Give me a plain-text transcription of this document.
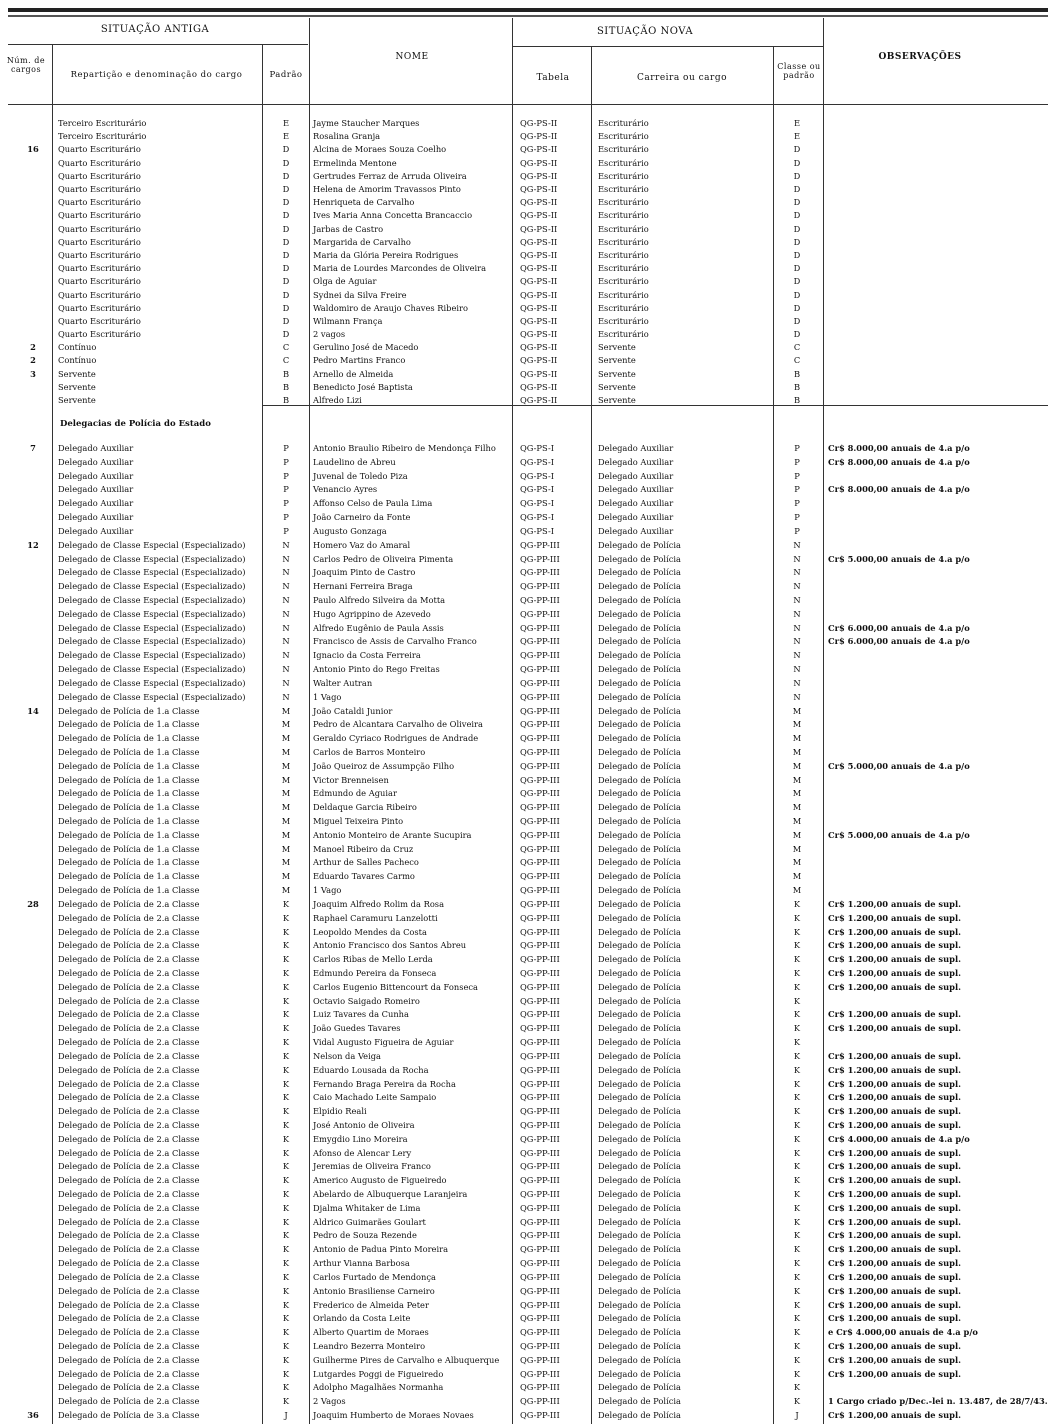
SITUAÇÃO ANTIGA	SITUAÇÃO NOVA
Núm. de cargos
Repartição e denominação do cargo	Padrão
NOME
Tabela	Carreira ou cargo
Classe ou padrão
OBSERVAÇÕES
Delegacias de Polícia do Estado
Terceiro Escriturário	E	Jayme Staucher Marques	QG-PS-II	Escriturário	E
Terceiro Escriturário	E	Rosalina Granja	QG-PS-II	Escriturário	E
16	Quarto Escriturário	D	Alcina de Moraes Souza Coelho	QG-PS-II	Escriturário	D
Quarto Escriturário	D	Ermelinda Mentone	QG-PS-II	Escriturário	D
Quarto Escriturário	D	Gertrudes Ferraz de Arruda Oliveira	QG-PS-II	Escriturário	D
Quarto Escriturário	D	Helena de Amorim Travassos Pinto	QG-PS-II	Escriturário	D
Quarto Escriturário	D	Henriqueta de Carvalho	QG-PS-II	Escriturário	D
Quarto Escriturário	D	Ives Maria Anna Concetta Brancaccio	QG-PS-II	Escriturário	D
Quarto Escriturário	D	Jarbas de Castro	QG-PS-II	Escriturário	D
Quarto Escriturário	D	Margarida de Carvalho	QG-PS-II	Escriturário	D
Quarto Escriturário	D	Maria da Glória Pereira Rodrigues	QG-PS-II	Escriturário	D
Quarto Escriturário	D	Maria de Lourdes Marcondes de Oliveira	QG-PS-II	Escriturário	D
Quarto Escriturário	D	Olga de Aguiar	QG-PS-II	Escriturário	D
Quarto Escriturário	D	Sydnei da Silva Freire	QG-PS-II	Escriturário	D
Quarto Escriturário	D	Waldomiro de Araujo Chaves Ribeiro	QG-PS-II	Escriturário	D
Quarto Escriturário	D	Wilmann França	QG-PS-II	Escriturário	D
Quarto Escriturário	D	2 vagos	QG-PS-II	Escriturário	D
2	Contínuo	C	Gerulino José de Macedo	QG-PS-II	Servente	C
2	Contínuo	C	Pedro Martins Franco	QG-PS-II	Servente	C
3	Servente	B	Arnello de Almeida	QG-PS-II	Servente	B
Servente	B	Benedicto José Baptista	QG-PS-II	Servente	B
Servente	B	Alfredo Lizi	QG-PS-II	Servente	B
7	Delegado Auxiliar	P	Antonio Braulio Ribeiro de Mendonça Filho	QG-PS-I	Delegado Auxiliar	P	Cr$ 8.000,00 anuais de 4.a p/o
Delegado Auxiliar	P	Laudelino de Abreu	QG-PS-I	Delegado Auxiliar	P	Cr$ 8.000,00 anuais de 4.a p/o
Delegado Auxiliar	P	Juvenal de Toledo Piza	QG-PS-I	Delegado Auxiliar	P
Delegado Auxiliar	P	Venancio Ayres	QG-PS-I	Delegado Auxiliar	P	Cr$ 8.000,00 anuais de 4.a p/o
Delegado Auxiliar	P	Affonso Celso de Paula Lima	QG-PS-I	Delegado Auxiliar	P
Delegado Auxiliar	P	João Carneiro da Fonte	QG-PS-I	Delegado Auxiliar	P
Delegado Auxiliar	P	Augusto Gonzaga	QG-PS-I	Delegado Auxiliar	P
12	Delegado de Classe Especial (Especializado)	N	Homero Vaz do Amaral	QG-PP-III	Delegado de Polícia	N
Delegado de Classe Especial (Especializado)	N	Carlos Pedro de Oliveira Pimenta	QG-PP-III	Delegado de Polícia	N	Cr$ 5.000,00 anuais de 4.a p/o
Delegado de Classe Especial (Especializado)	N	Joaquim Pinto de Castro	QG-PP-III	Delegado de Polícia	N
Delegado de Classe Especial (Especializado)	N	Hernani Ferreira Braga	QG-PP-III	Delegado de Polícia	N
Delegado de Classe Especial (Especializado)	N	Paulo Alfredo Silveira da Motta	QG-PP-III	Delegado de Polícia	N
Delegado de Classe Especial (Especializado)	N	Hugo Agrippino de Azevedo	QG-PP-III	Delegado de Polícia	N
Delegado de Classe Especial (Especializado)	N	Alfredo Eugênio de Paula Assis	QG-PP-III	Delegado de Polícia	N	Cr$ 6.000,00 anuais de 4.a p/o
Delegado de Classe Especial (Especializado)	N	Francisco de Assis de Carvalho Franco	QG-PP-III	Delegado de Polícia	N	Cr$ 6.000,00 anuais de 4.a p/o
Delegado de Classe Especial (Especializado)	N	Ignacio da Costa Ferreira	QG-PP-III	Delegado de Polícia	N
Delegado de Classe Especial (Especializado)	N	Antonio Pinto do Rego Freitas	QG-PP-III	Delegado de Polícia	N
Delegado de Classe Especial (Especializado)	N	Walter Autran	QG-PP-III	Delegado de Polícia	N
Delegado de Classe Especial (Especializado)	N	1 Vago	QG-PP-III	Delegado de Polícia	N
14	Delegado de Polícia de 1.a Classe	M	João Cataldi Junior	QG-PP-III	Delegado de Polícia	M
Delegado de Polícia de 1.a Classe	M	Pedro de Alcantara Carvalho de Oliveira	QG-PP-III	Delegado de Polícia	M
Delegado de Polícia de 1.a Classe	M	Geraldo Cyriaco Rodrigues de Andrade	QG-PP-III	Delegado de Polícia	M
Delegado de Polícia de 1.a Classe	M	Carlos de Barros Monteiro	QG-PP-III	Delegado de Polícia	M
Delegado de Polícia de 1.a Classe	M	João Queiroz de Assumpção Filho	QG-PP-III	Delegado de Polícia	M	Cr$ 5.000,00 anuais de 4.a p/o
Delegado de Polícia de 1.a Classe	M	Victor Brenneisen	QG-PP-III	Delegado de Polícia	M
Delegado de Polícia de 1.a Classe	M	Edmundo de Aguiar	QG-PP-III	Delegado de Polícia	M
Delegado de Polícia de 1.a Classe	M	Deldaque Garcia Ribeiro	QG-PP-III	Delegado de Polícia	M
Delegado de Polícia de 1.a Classe	M	Miguel Teixeira Pinto	QG-PP-III	Delegado de Polícia	M
Delegado de Polícia de 1.a Classe	M	Antonio Monteiro de Arante Sucupira	QG-PP-III	Delegado de Polícia	M	Cr$ 5.000,00 anuais de 4.a p/o
Delegado de Polícia de 1.a Classe	M	Manoel Ribeiro da Cruz	QG-PP-III	Delegado de Polícia	M
Delegado de Polícia de 1.a Classe	M	Arthur de Salles Pacheco	QG-PP-III	Delegado de Polícia	M
Delegado de Polícia de 1.a Classe	M	Eduardo Tavares Carmo	QG-PP-III	Delegado de Polícia	M
Delegado de Polícia de 1.a Classe	M	1 Vago	QG-PP-III	Delegado de Polícia	M
28	Delegado de Polícia de 2.a Classe	K	Joaquim Alfredo Rolim da Rosa	QG-PP-III	Delegado de Polícia	K	Cr$ 1.200,00 anuais de supl.
Delegado de Polícia de 2.a Classe	K	Raphael Caramuru Lanzelotti	QG-PP-III	Delegado de Polícia	K	Cr$ 1.200,00 anuais de supl.
Delegado de Polícia de 2.a Classe	K	Leopoldo Mendes da Costa	QG-PP-III	Delegado de Polícia	K	Cr$ 1.200,00 anuais de supl.
Delegado de Polícia de 2.a Classe	K	Antonio Francisco dos Santos Abreu	QG-PP-III	Delegado de Polícia	K	Cr$ 1.200,00 anuais de supl.
Delegado de Polícia de 2.a Classe	K	Carlos Ribas de Mello Lerda	QG-PP-III	Delegado de Polícia	K	Cr$ 1.200,00 anuais de supl.
Delegado de Polícia de 2.a Classe	K	Edmundo Pereira da Fonseca	QG-PP-III	Delegado de Polícia	K	Cr$ 1.200,00 anuais de supl.
Delegado de Polícia de 2.a Classe	K	Carlos Eugenio Bittencourt da Fonseca	QG-PP-III	Delegado de Polícia	K	Cr$ 1.200,00 anuais de supl.
Delegado de Polícia de 2.a Classe	K	Octavio Saigado Romeiro	QG-PP-III	Delegado de Polícia	K
Delegado de Polícia de 2.a Classe	K	Luiz Tavares da Cunha	QG-PP-III	Delegado de Polícia	K	Cr$ 1.200,00 anuais de supl.
Delegado de Polícia de 2.a Classe	K	João Guedes Tavares	QG-PP-III	Delegado de Polícia	K	Cr$ 1.200,00 anuais de supl.
Delegado de Polícia de 2.a Classe	K	Vidal Augusto Figueira de Aguiar	QG-PP-III	Delegado de Polícia	K
Delegado de Polícia de 2.a Classe	K	Nelson da Veiga	QG-PP-III	Delegado de Polícia	K	Cr$ 1.200,00 anuais de supl.
Delegado de Polícia de 2.a Classe	K	Eduardo Lousada da Rocha	QG-PP-III	Delegado de Polícia	K	Cr$ 1.200,00 anuais de supl.
Delegado de Polícia de 2.a Classe	K	Fernando Braga Pereira da Rocha	QG-PP-III	Delegado de Polícia	K	Cr$ 1.200,00 anuais de supl.
Delegado de Polícia de 2.a Classe	K	Caio Machado Leite Sampaio	QG-PP-III	Delegado de Polícia	K	Cr$ 1.200,00 anuais de supl.
Delegado de Polícia de 2.a Classe	K	Elpidio Reali	QG-PP-III	Delegado de Polícia	K	Cr$ 1.200,00 anuais de supl.
Delegado de Polícia de 2.a Classe	K	José Antonio de Oliveira	QG-PP-III	Delegado de Polícia	K	Cr$ 1.200,00 anuais de supl.
Delegado de Polícia de 2.a Classe	K	Emygdio Lino Moreira	QG-PP-III	Delegado de Polícia	K	Cr$ 4.000,00 anuais de 4.a p/o
Delegado de Polícia de 2.a Classe	K	Afonso de Alencar Lery	QG-PP-III	Delegado de Polícia	K	Cr$ 1.200,00 anuais de supl.
Delegado de Polícia de 2.a Classe	K	Jeremias de Oliveira Franco	QG-PP-III	Delegado de Polícia	K	Cr$ 1.200,00 anuais de supl.
Delegado de Polícia de 2.a Classe	K	Americo Augusto de Figueiredo	QG-PP-III	Delegado de Polícia	K	Cr$ 1.200,00 anuais de supl.
Delegado de Polícia de 2.a Classe	K	Abelardo de Albuquerque Laranjeira	QG-PP-III	Delegado de Polícia	K	Cr$ 1.200,00 anuais de supl.
Delegado de Polícia de 2.a Classe	K	Djalma Whitaker de Lima	QG-PP-III	Delegado de Polícia	K	Cr$ 1.200,00 anuais de supl.
Delegado de Polícia de 2.a Classe	K	Aldrico Guimarães Goulart	QG-PP-III	Delegado de Polícia	K	Cr$ 1.200,00 anuais de supl.
Delegado de Polícia de 2.a Classe	K	Pedro de Souza Rezende	QG-PP-III	Delegado de Polícia	K	Cr$ 1.200,00 anuais de supl.
Delegado de Polícia de 2.a Classe	K	Antonio de Padua Pinto Moreira	QG-PP-III	Delegado de Polícia	K	Cr$ 1.200,00 anuais de supl.
Delegado de Polícia de 2.a Classe	K	Arthur Vianna Barbosa	QG-PP-III	Delegado de Polícia	K	Cr$ 1.200,00 anuais de supl.
Delegado de Polícia de 2.a Classe	K	Carlos Furtado de Mendonça	QG-PP-III	Delegado de Polícia	K	Cr$ 1.200,00 anuais de supl.
Delegado de Polícia de 2.a Classe	K	Antonio Brasiliense Carneiro	QG-PP-III	Delegado de Polícia	K	Cr$ 1.200,00 anuais de supl.
Delegado de Polícia de 2.a Classe	K	Frederico de Almeida Peter	QG-PP-III	Delegado de Polícia	K	Cr$ 1.200,00 anuais de supl.
Delegado de Polícia de 2.a Classe	K	Orlando da Costa Leite	QG-PP-III	Delegado de Polícia	K	Cr$ 1.200,00 anuais de supl.
Delegado de Polícia de 2.a Classe	K	Alberto Quartim de Moraes	QG-PP-III	Delegado de Polícia	K	e Cr$ 4.000,00 anuais de 4.a p/o
Delegado de Polícia de 2.a Classe	K	Leandro Bezerra Monteiro	QG-PP-III	Delegado de Polícia	K	Cr$ 1.200,00 anuais de supl.
Delegado de Polícia de 2.a Classe	K	Guilherme Pires de Carvalho e Albuquerque	QG-PP-III	Delegado de Polícia	K	Cr$ 1.200,00 anuais de supl.
Delegado de Polícia de 2.a Classe	K	Lutgardes Poggi de Figueiredo	QG-PP-III	Delegado de Polícia	K	Cr$ 1.200,00 anuais de supl.
Delegado de Polícia de 2.a Classe	K	Adolpho Magalhães Normanha	QG-PP-III	Delegado de Polícia	K
Delegado de Polícia de 2.a Classe	K	2 Vagos	QG-PP-III	Delegado de Polícia	K	1 Cargo criado p/Dec.-lei n. 13.487, de 28/7/43.
36	Delegado de Polícia de 3.a Classe	J	Joaquim Humberto de Moraes Novaes	QG-PP-III	Delegado de Polícia	J	Cr$ 1.200,00 anuais de supl.
